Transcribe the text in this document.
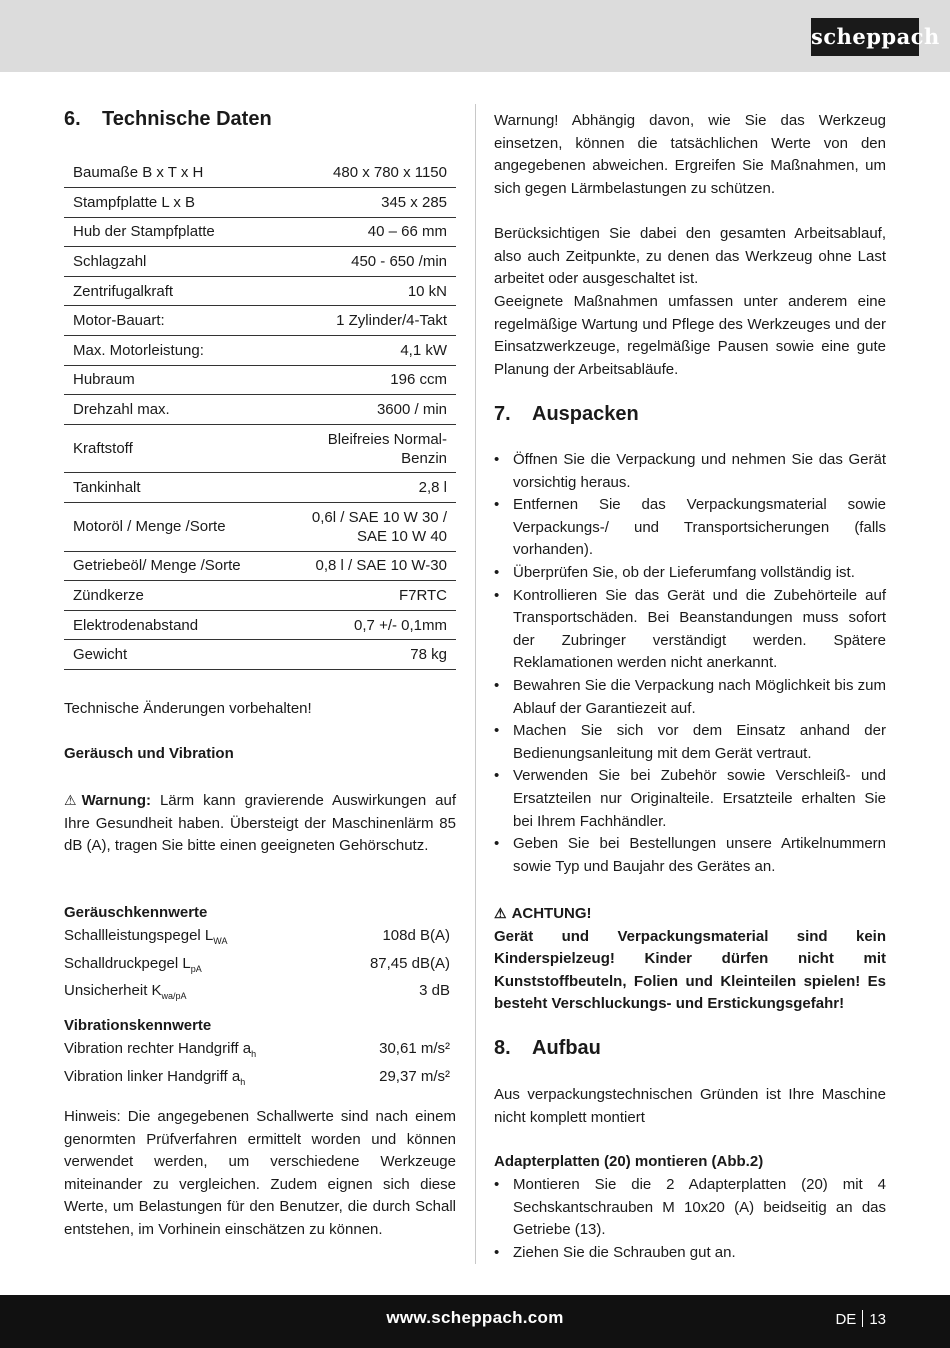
scheppach
6. Technische Daten
Baumaße B x T x H	480 x 780 x 1150
Stampfplatte L x B	345 x 285
Hub der Stampfplatte	40 – 66 mm
Schlagzahl	450 - 650 /min
Zentrifugalkraft	10 kN
Motor-Bauart:	1 Zylinder/4-Takt
Max. Motorleistung:	4,1 kW
Hubraum	196 ccm
Drehzahl max.	3600 / min
Kraftstoff	Bleifreies Normal-
Benzin

Tankinhalt	2,8 l
Motoröl / Menge /Sorte	0,6l / SAE 10 W 30 /
SAE 10 W 40

Getriebeöl/ Menge /Sorte	0,8 l / SAE 10 W-30
Zündkerze	F7RTC
Elektrodenabstand	0,7 +/- 0,1mm
Gewicht	78 kg
Technische Änderungen vorbehalten!
Geräusch und Vibration
⚠ Warnung: Lärm kann gravierende Auswirkungen auf Ihre Gesundheit haben. Übersteigt der Maschinenlärm 85 dB (A), tragen Sie bitte einen geeigneten Gehörschutz.
Geräuschkennwerte
Schallleistungspegel $L_{WA}$	108d B(A)
Schalldruckpegel $L_{pA}$	87,45 dB(A)
Unsicherheit $K_{wa/pA}$	3 dB
Vibrationskennwerte
Vibration rechter Handgriff $a_h$	30,61 m/s²
Vibration linker Handgriff $a_h$	29,37 m/s²
Hinweis: Die angegebenen Schallwerte sind nach einem genormten Prüfverfahren ermittelt worden und können verwendet werden, um verschiedene Werkzeuge miteinander zu vergleichen. Zudem eignen sich diese Werte, um Belastungen für den Benutzer, die durch Schall entstehen, im Vorhinein einschätzen zu können.
Warnung! Abhängig davon, wie Sie das Werkzeug einsetzen, können die tatsächlichen Werte von den angegebenen abweichen. Ergreifen Sie Maßnahmen, um sich gegen Lärmbelastungen zu schützen.
Berücksichtigen Sie dabei den gesamten Arbeitsablauf, also auch Zeitpunkte, zu denen das Werkzeug ohne Last arbeitet oder ausgeschaltet ist.
Geeignete Maßnahmen umfassen unter anderem eine regelmäßige Wartung und Pflege des Werkzeuges und der Einsatzwerkzeuge, regelmäßige Pausen sowie eine gute Planung der Arbeitsabläufe.
7. Auspacken
• Öffnen Sie die Verpackung und nehmen Sie das Gerät vorsichtig heraus.
• Entfernen Sie das Verpackungsmaterial sowie Verpackungs-/ und Transportsicherungen (falls vorhanden).
• Überprüfen Sie, ob der Lieferumfang vollständig ist.
• Kontrollieren Sie das Gerät und die Zubehörteile auf Transportschäden. Bei Beanstandungen muss sofort der Zubringer verständigt werden. Spätere Reklamationen werden nicht anerkannt.
• Bewahren Sie die Verpackung nach Möglichkeit bis zum Ablauf der Garantiezeit auf.
• Machen Sie sich vor dem Einsatz anhand der Bedienungsanleitung mit dem Gerät vertraut.
• Verwenden Sie bei Zubehör sowie Verschleiß- und Ersatzteilen nur Originalteile. Ersatzteile erhalten Sie bei Ihrem Fachhändler.
• Geben Sie bei Bestellungen unsere Artikelnummern sowie Typ und Baujahr des Gerätes an.
⚠ ACHTUNG!
Gerät und Verpackungsmaterial sind kein Kinderspielzeug! Kinder dürfen nicht mit Kunststoffbeuteln, Folien und Kleinteilen spielen! Es besteht Verschluckungs- und Erstickungsgefahr!
8. Aufbau
Aus verpackungstechnischen Gründen ist Ihre Maschine nicht komplett montiert
Adapterplatten (20) montieren (Abb.2)
• Montieren Sie die 2 Adapterplatten (20) mit 4 Sechskantschrauben M 10x20 (A) beidseitig an das Getriebe (13).
• Ziehen Sie die Schrauben gut an.
www.scheppach.com	DE 13
